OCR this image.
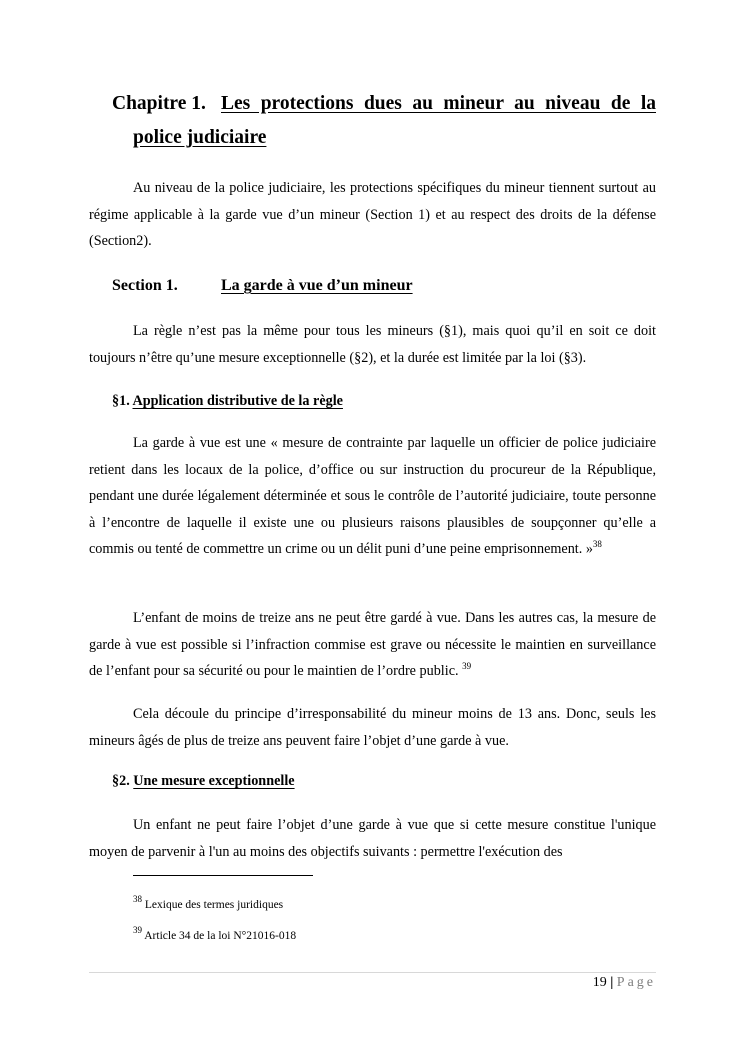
Chapitre 1. Les protections dues au mineur au niveau de la
police judiciaire

Au niveau de la police judiciaire, les protections spécifiques du mineur tiennent surtout au régime applicable à la garde vue d’un mineur (Section 1) et au respect des droits de la défense (Section2).

Section 1.	La garde à vue d’un mineur

La règle n’est pas la même pour tous les mineurs (§1), mais quoi qu’il en soit ce doit toujours n’être qu’une mesure exceptionnelle (§2), et la durée est limitée par la loi (§3).

§1. Application distributive de la règle

La garde à vue est une « mesure de contrainte par laquelle un officier de police judiciaire retient dans les locaux de la police, d’office ou sur instruction du procureur de la République, pendant une durée légalement déterminée et sous le contrôle de l’autorité judiciaire, toute personne à l’encontre de laquelle il existe une ou plusieurs raisons plausibles de soupçonner qu’elle a commis ou tenté de commettre un crime ou un délit puni d’une peine emprisonnement. »$^{38}$

L’enfant de moins de treize ans ne peut être gardé à vue. Dans les autres cas, la mesure de garde à vue est possible si l’infraction commise est grave ou nécessite le maintien en surveillance de l’enfant pour sa sécurité ou pour le maintien de l’ordre public. $^{39}$

Cela découle du principe d’irresponsabilité du mineur moins de 13 ans. Donc, seuls les mineurs âgés de plus de treize ans peuvent faire l’objet d’une garde à vue.

§2. Une mesure exceptionnelle

Un enfant ne peut faire l’objet d’une garde à vue que si cette mesure constitue l'unique moyen de parvenir à l'un au moins des objectifs suivants : permettre l'exécution des

$^{38}$ Lexique des termes juridiques
$^{39}$ Article 34 de la loi N°21016-018
19 | Page
